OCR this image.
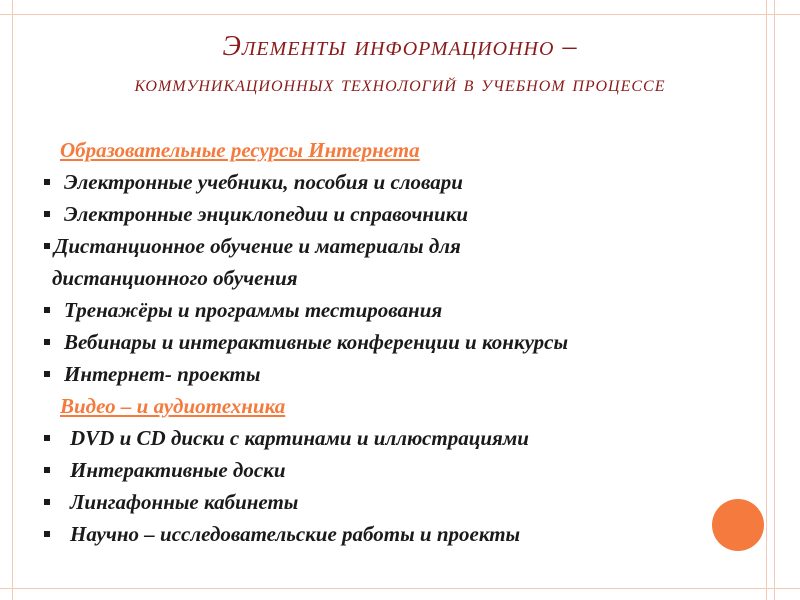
Элементы информационно –
коммуникационных технологий в учебном процессе
Образовательные ресурсы Интернета
Электронные учебники, пособия и словари
Электронные энциклопедии и справочники
Дистанционное обучение и материалы для
дистанционного обучения
Тренажёры и программы тестирования
Вебинары и интерактивные конференции и конкурсы
Интернет- проекты
Видео – и аудиотехника
DVD и CD диски с картинами и иллюстрациями
Интерактивные доски
Лингафонные кабинеты
Научно – исследовательские работы и проекты
